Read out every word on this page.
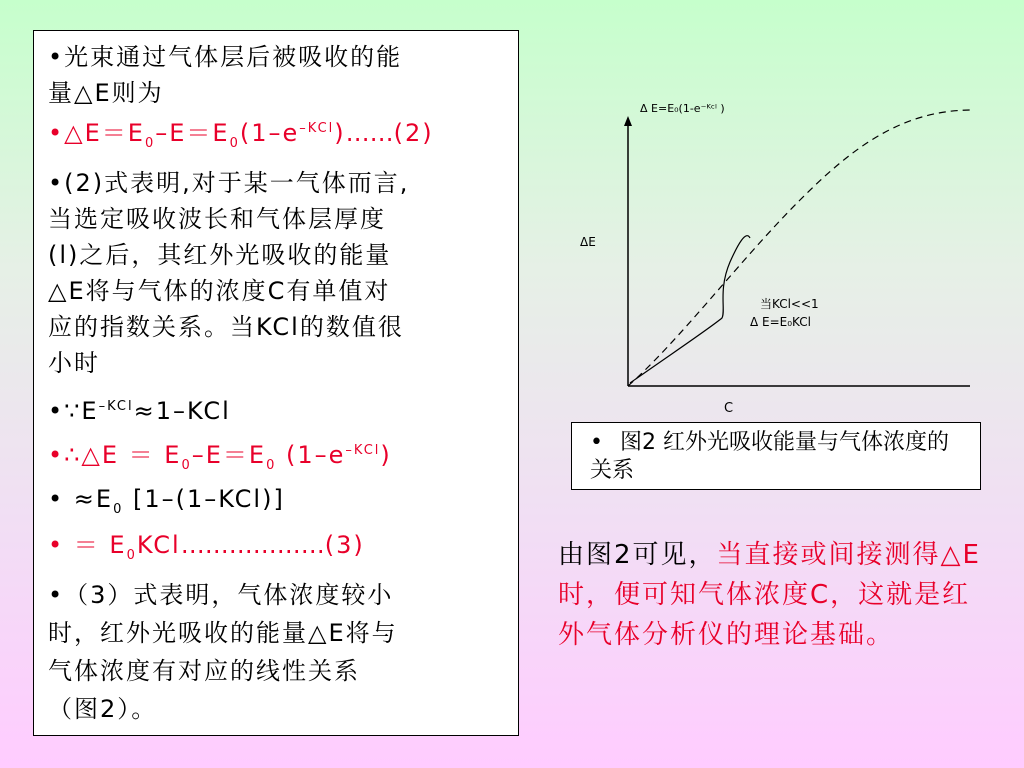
•光束通过气体层后被吸收的能
量△E则为
$•\triangle E=E_0-E=E_0(1-e^{-KCl})\dots\dots(2)$
•(2)式表明,对于某一气体而言,
当选定吸收波长和气体层厚度
(l)之后，其红外光吸收的能量
△E将与气体的浓度C有单值对
应的指数关系。当KCl的数值很
小时
$•\because E^{-KCl}\approx 1$–KCl
•∴△E ＝ $E_0-E=E_0$ $(1-e^{-KCl})$
• $\approx E_0$ [1–(1–KCl)]
• ＝ $E_0KCl\dots\dots\dots\dots\dots\dots(3)$
•（3）式表明，气体浓度较小
时，红外光吸收的能量△E将与
气体浓度有对应的线性关系
（图2）。
Δ E=E₀(1-e⁻ᴷᶜˡ )
ΔE
当KCl<<1
Δ E=E₀KCl
C
• 图2 红外光吸收能量与气体浓度的关系
由图2可见，当直接或间接测得△E时，便可知气体浓度C，这就是红外气体分析仪的理论基础。
